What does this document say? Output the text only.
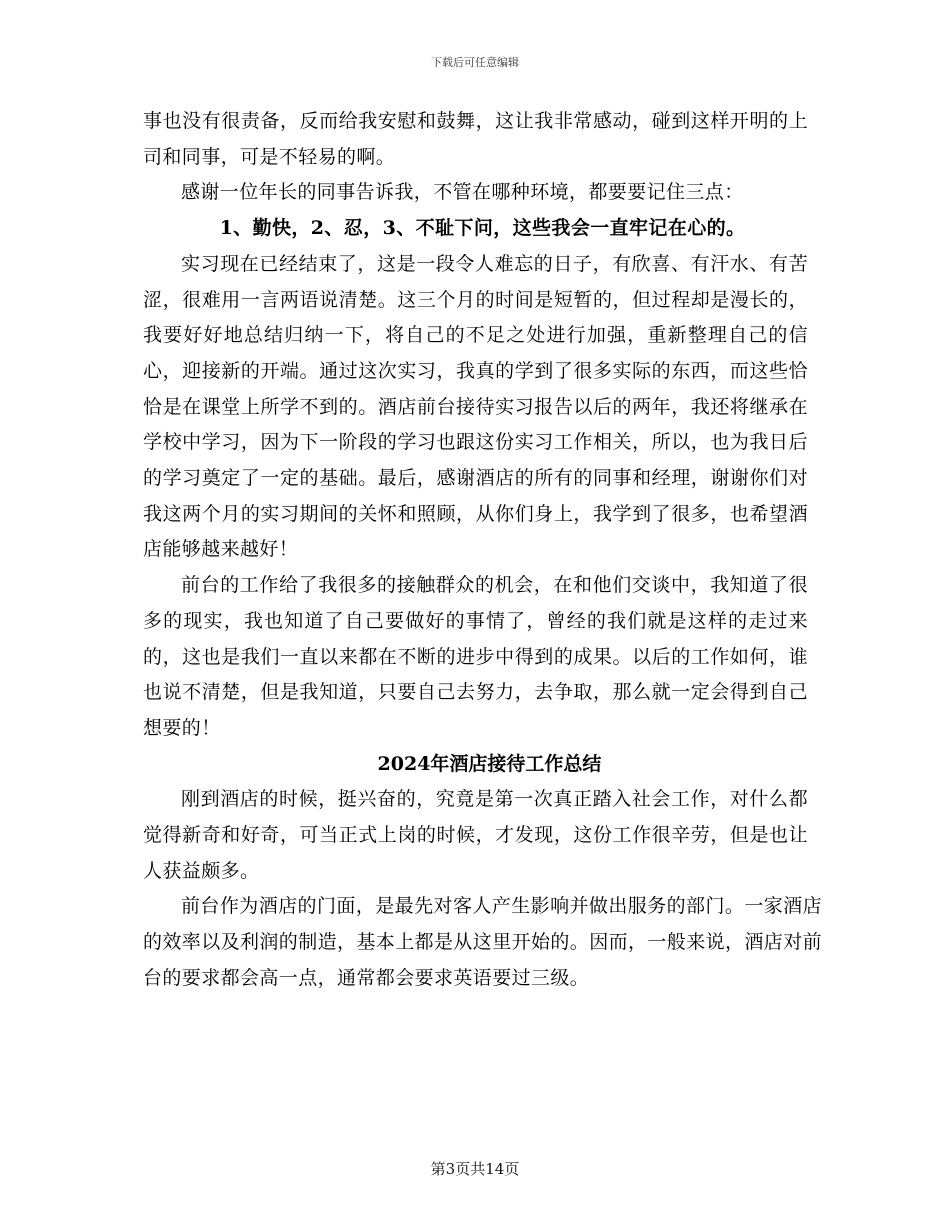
下载后可任意编辑

事也没有很责备，反而给我安慰和鼓舞，这让我非常感动，碰到这样开明的上司和同事，可是不轻易的啊。

感谢一位年长的同事告诉我，不管在哪种环境，都要要记住三点：

1、勤快，2、忍，3、不耻下问，这些我会一直牢记在心的。

实习现在已经结束了，这是一段令人难忘的日子，有欣喜、有汗水、有苦涩，很难用一言两语说清楚。这三个月的时间是短暂的，但过程却是漫长的，我要好好地总结归纳一下，将自己的不足之处进行加强，重新整理自己的信心，迎接新的开端。通过这次实习，我真的学到了很多实际的东西，而这些恰恰是在课堂上所学不到的。酒店前台接待实习报告以后的两年，我还将继承在学校中学习，因为下一阶段的学习也跟这份实习工作相关，所以，也为我日后的学习奠定了一定的基础。最后，感谢酒店的所有的同事和经理，谢谢你们对我这两个月的实习期间的关怀和照顾，从你们身上，我学到了很多，也希望酒店能够越来越好！

前台的工作给了我很多的接触群众的机会，在和他们交谈中，我知道了很多的现实，我也知道了自己要做好的事情了，曾经的我们就是这样的走过来的，这也是我们一直以来都在不断的进步中得到的成果。以后的工作如何，谁也说不清楚，但是我知道，只要自己去努力，去争取，那么就一定会得到自己想要的！

2024年酒店接待工作总结

刚到酒店的时候，挺兴奋的，究竟是第一次真正踏入社会工作，对什么都觉得新奇和好奇，可当正式上岗的时候，才发现，这份工作很辛劳，但是也让人获益颇多。

前台作为酒店的门面，是最先对客人产生影响并做出服务的部门。一家酒店的效率以及利润的制造，基本上都是从这里开始的。因而，一般来说，酒店对前台的要求都会高一点，通常都会要求英语要过三级。

第3页共14页
